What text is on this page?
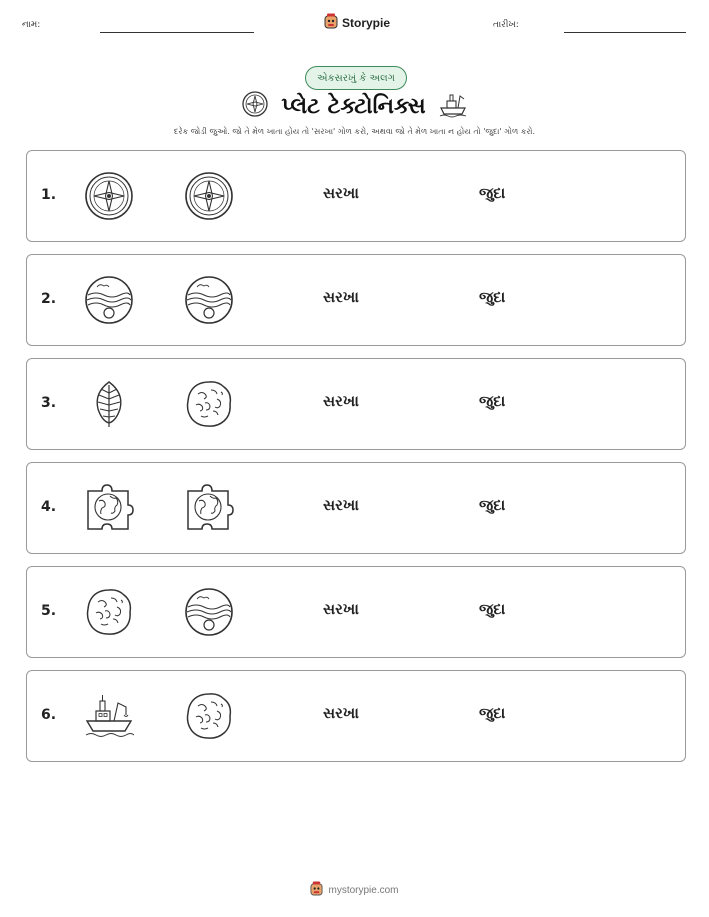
નામ:	Storypie	તારીખ:
એકસરખું કે અલગ
પ્લેટ ટેક્ટોનિક્સ
દરેક જોડી જુઓ. જો તે મેળ ખાતા હોય તો 'સરખા' ગોળ કરો, અથવા જો તે મેળ ખાતા ન હોય તો 'જુદા' ગોળ કરો.
1.	સરખા	જુદા
2.	સરખા	જુદા
3.	સરખા	જુદા
4.	સરખા	જુદા
5.	સરખા	જુદા
6.	સરખા	જુદા
mystorypie.com
